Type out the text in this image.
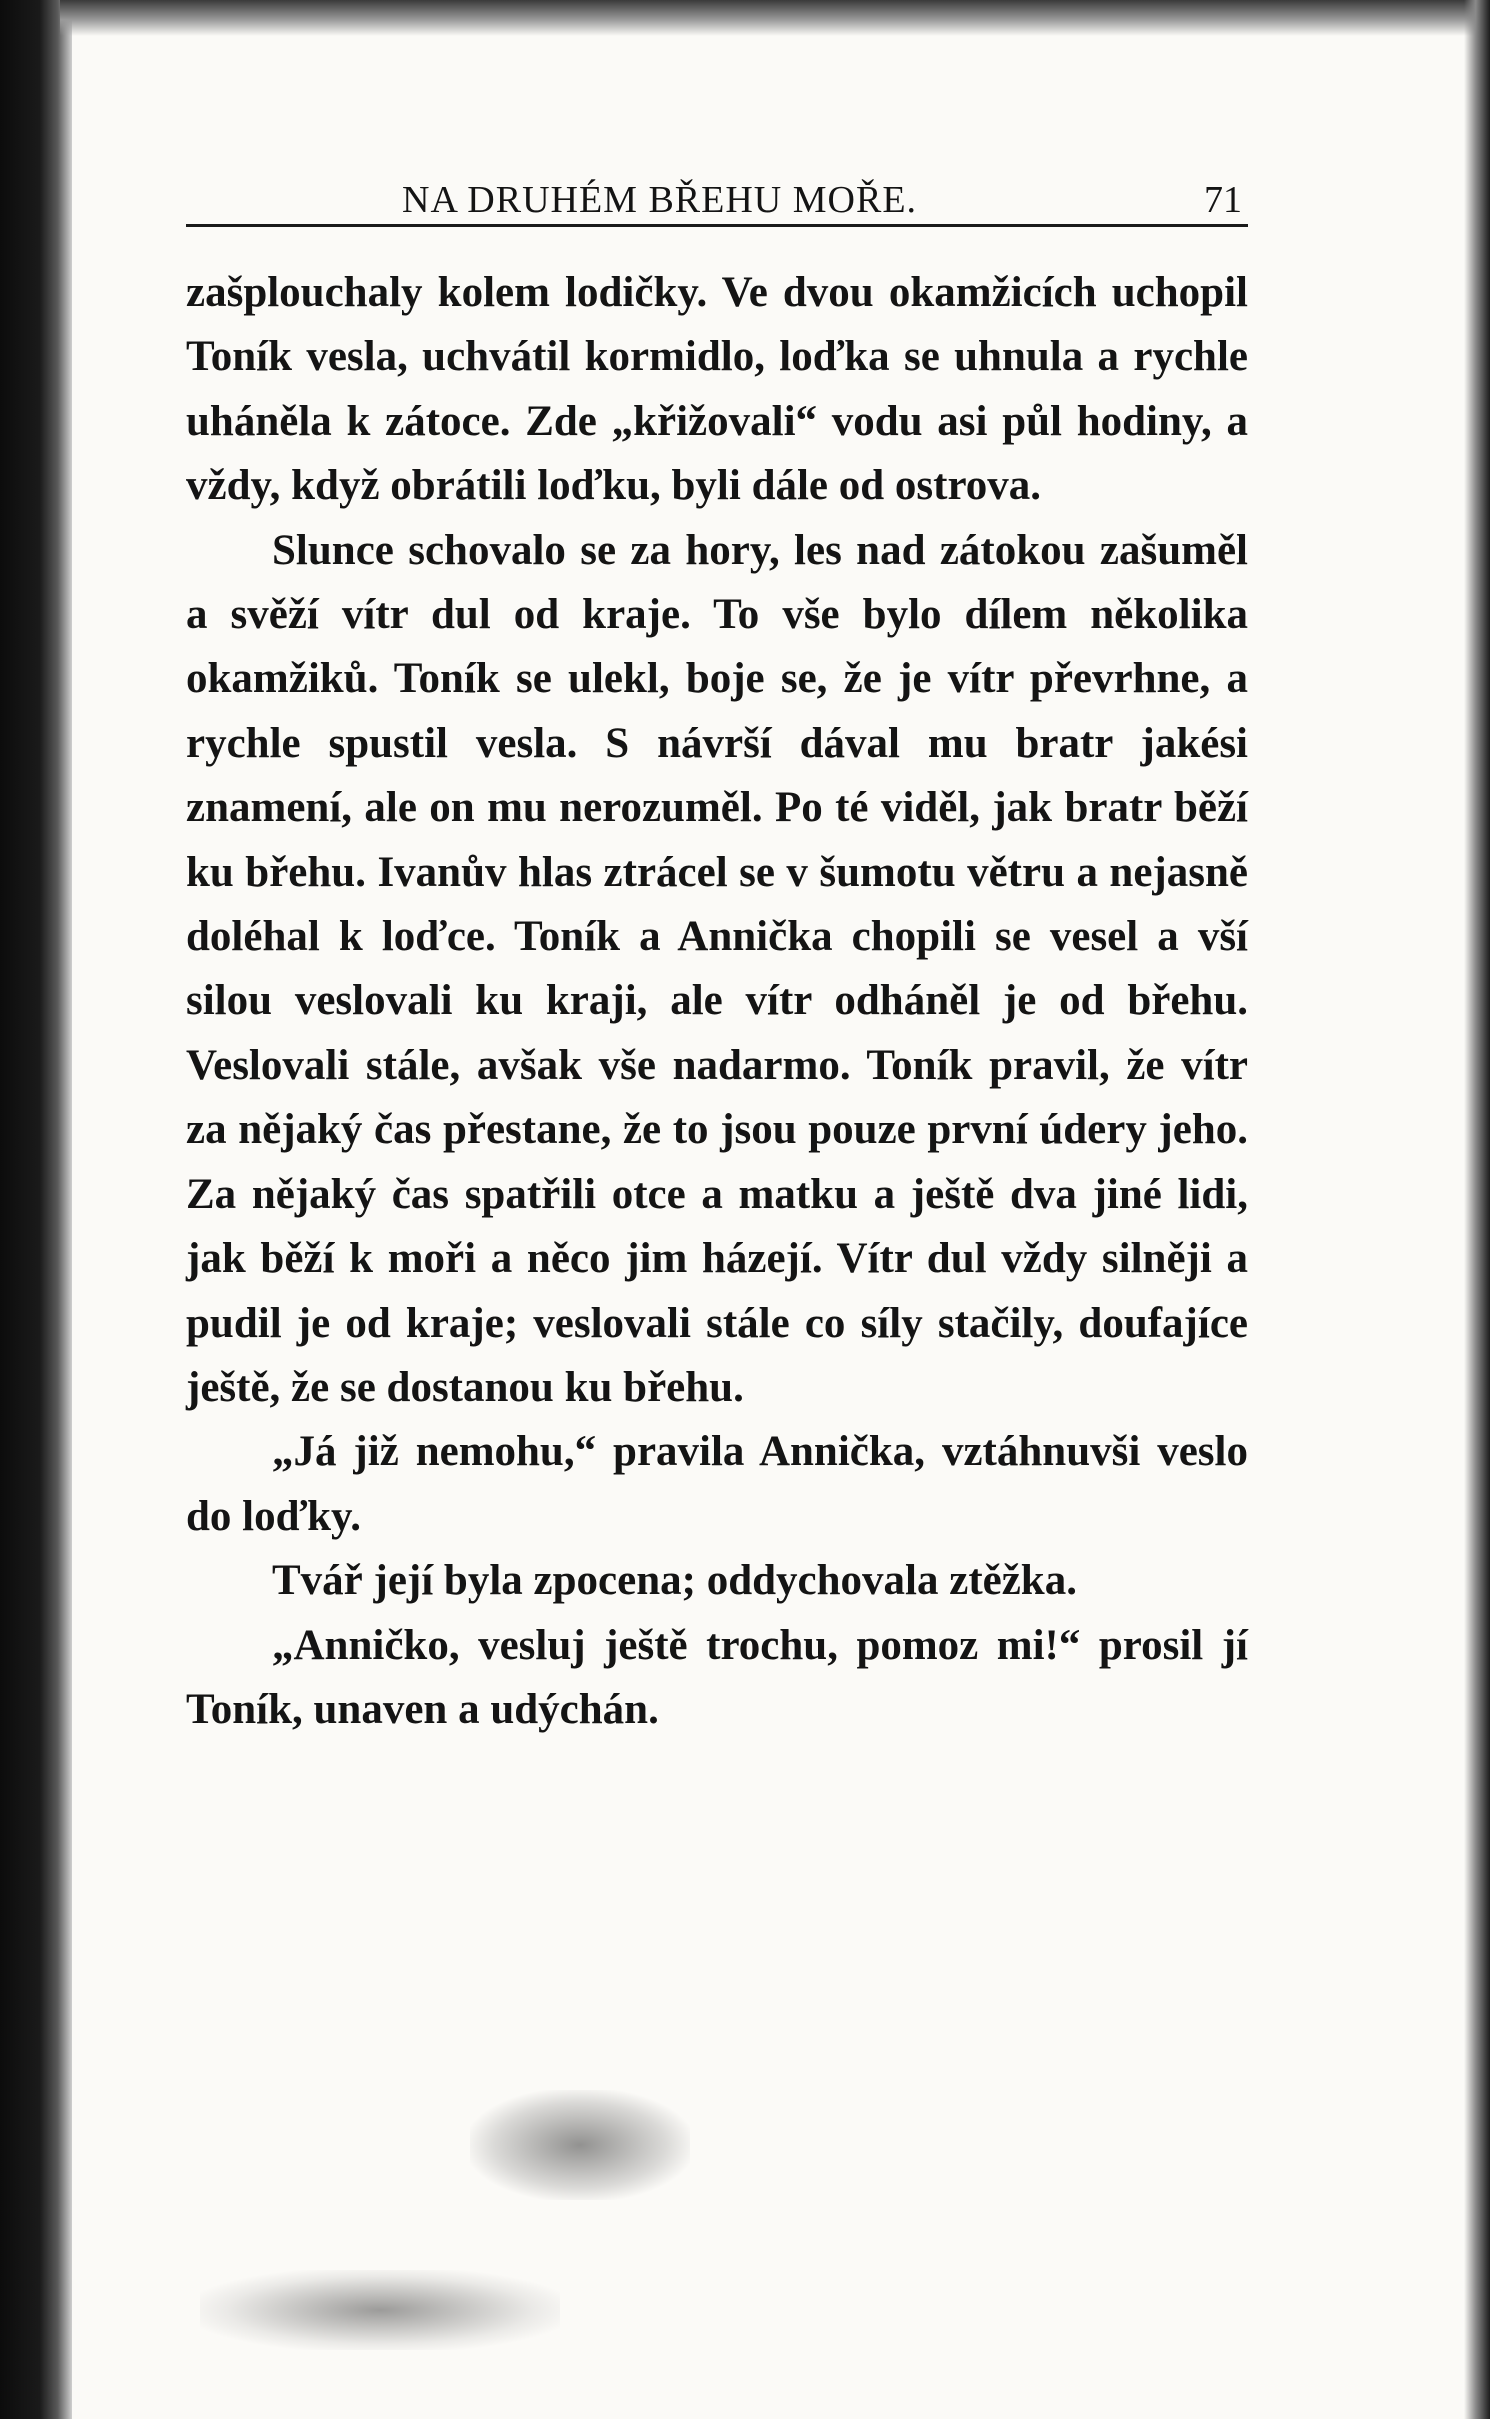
NA DRUHÉM BŘEHU MOŘE.	71

zašplouchaly kolem lodičky. Ve dvou okamžicích uchopil Toník vesla, uchvátil kormidlo, loďka se uhnula a rychle uháněla k zátoce. Zde „křižovali“ vodu asi půl hodiny, a vždy, když obrátili loďku, byli dále od ostrova.

Slunce schovalo se za hory, les nad zátokou zašuměl a svěží vítr dul od kraje. To vše bylo dílem několika okamžiků. Toník se ulekl, boje se, že je vítr převrhne, a rychle spustil vesla. S návrší dával mu bratr jakési znamení, ale on mu nerozuměl. Po té viděl, jak bratr běží ku břehu. Ivanův hlas ztrácel se v šumotu větru a nejasně doléhal k loďce. Toník a Annička chopili se vesel a vší silou veslovali ku kraji, ale vítr odháněl je od břehu. Veslovali stále, avšak vše nadarmo. Toník pravil, že vítr za nějaký čas přestane, že to jsou pouze první údery jeho. Za nějaký čas spatřili otce a matku a ještě dva jiné lidi, jak běží k moři a něco jim házejí. Vítr dul vždy silněji a pudil je od kraje; veslovali stále co síly stačily, doufajíce ještě, že se dostanou ku břehu.

„Já již nemohu,“ pravila Annička, vztáhnuvši veslo do loďky.

Tvář její byla zpocena; oddychovala ztěžka.

„Anničko, vesluj ještě trochu, pomoz mi!“ prosil jí Toník, unaven a udýchán.
